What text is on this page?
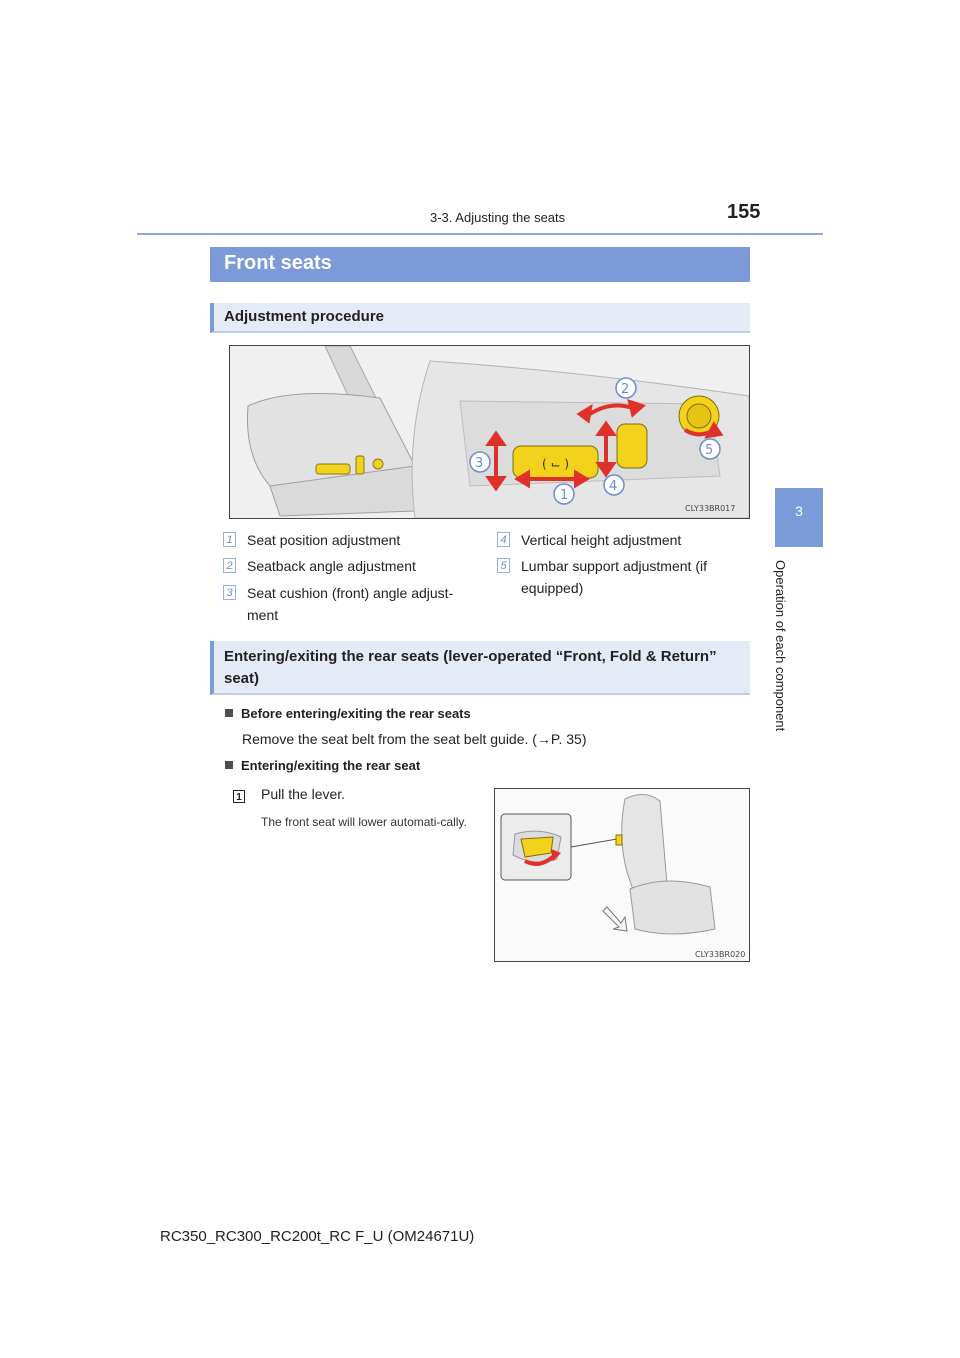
3-3. Adjusting the seats	155
3
Operation of each component
Front seats
Adjustment procedure
( ⌙ )
2
3
1
4
5
CLY33BR017
1 Seat position adjustment
2 Seatback angle adjustment
3 Seat cushion (front) angle adjust-ment
4 Vertical height adjustment
5 Lumbar support adjustment (if equipped)
Entering/exiting the rear seats (lever-operated “Front, Fold & Return” seat)
Before entering/exiting the rear seats
Remove the seat belt from the seat belt guide. (→P. 35)
Entering/exiting the rear seat
1 Pull the lever.
The front seat will lower automati-cally.
CLY33BR020
RC350_RC300_RC200t_RC F_U (OM24671U)
